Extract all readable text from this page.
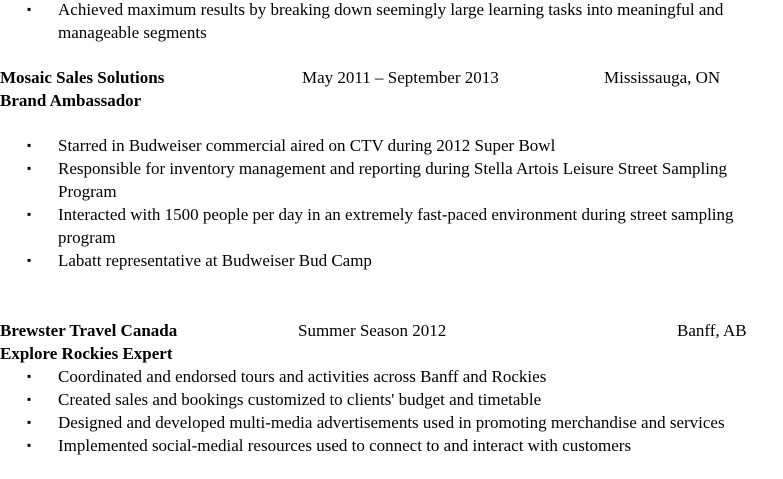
▪ Achieved maximum results by breaking down seemingly large learning tasks into meaningful and manageable segments
Mosaic Sales Solutions	May 2011 – September 2013	Mississauga, ON
Brand Ambassador
▪ Starred in Budweiser commercial aired on CTV during 2012 Super Bowl
▪ Responsible for inventory management and reporting during Stella Artois Leisure Street Sampling Program
▪ Interacted with 1500 people per day in an extremely fast-paced environment during street sampling program
▪ Labatt representative at Budweiser Bud Camp
Brewster Travel Canada	Summer Season 2012	Banff, AB
Explore Rockies Expert
▪ Coordinated and endorsed tours and activities across Banff and Rockies
▪ Created sales and bookings customized to clients' budget and timetable
▪ Designed and developed multi-media advertisements used in promoting merchandise and services
▪ Implemented social-medial resources used to connect to and interact with customers
